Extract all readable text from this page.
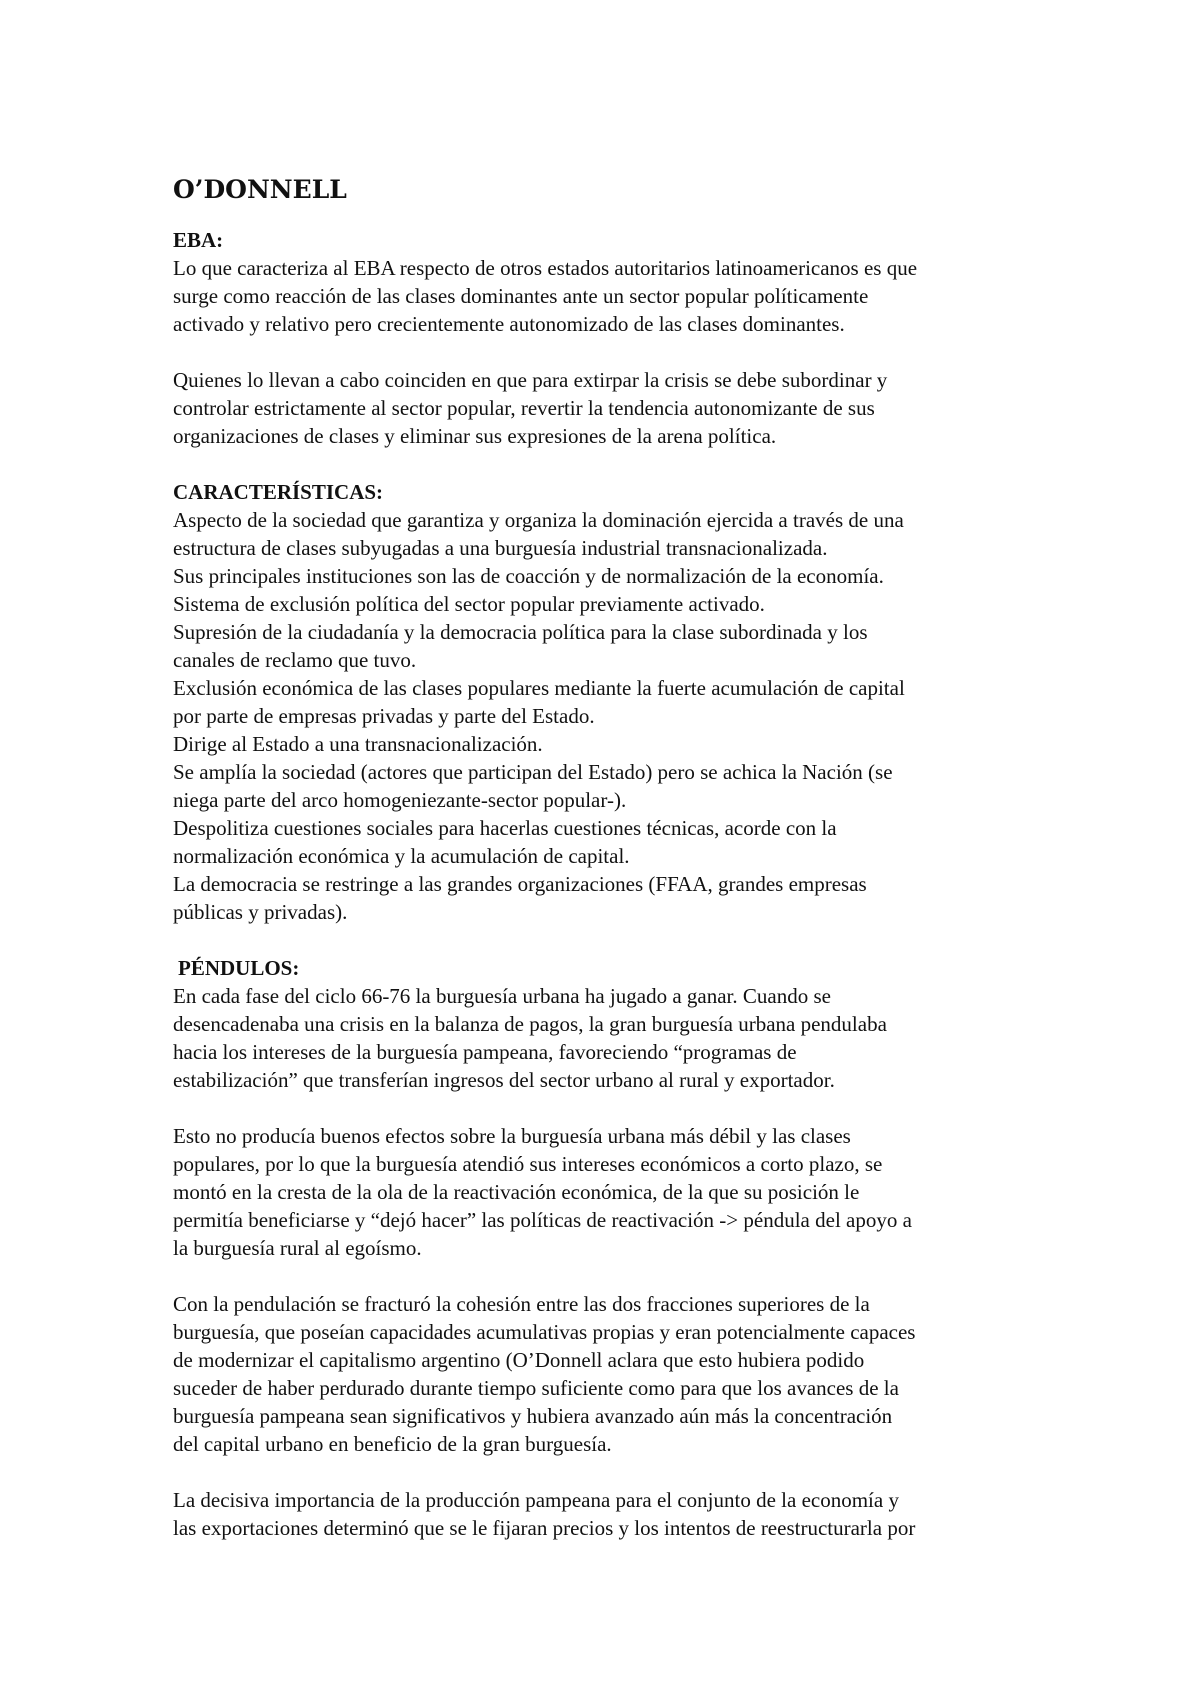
O’DONNELL

EBA:

Lo que caracteriza al EBA respecto de otros estados autoritarios latinoamericanos es que
surge como reacción de las clases dominantes ante un sector popular políticamente
activado y relativo pero crecientemente autonomizado de las clases dominantes.

Quienes lo llevan a cabo coinciden en que para extirpar la crisis se debe subordinar y
controlar estrictamente al sector popular, revertir la tendencia autonomizante de sus
organizaciones de clases y eliminar sus expresiones de la arena política.

CARACTERÍSTICAS:

Aspecto de la sociedad que garantiza y organiza la dominación ejercida a través de una
estructura de clases subyugadas a una burguesía industrial transnacionalizada.
Sus principales instituciones son las de coacción y de normalización de la economía.
Sistema de exclusión política del sector popular previamente activado.
Supresión de la ciudadanía y la democracia política para la clase subordinada y los
canales de reclamo que tuvo.
Exclusión económica de las clases populares mediante la fuerte acumulación de capital
por parte de empresas privadas y parte del Estado.
Dirige al Estado a una transnacionalización.
Se amplía la sociedad (actores que participan del Estado) pero se achica la Nación (se
niega parte del arco homogeniezante-sector popular-).
Despolitiza cuestiones sociales para hacerlas cuestiones técnicas, acorde con la
normalización económica y la acumulación de capital.
La democracia se restringe a las grandes organizaciones (FFAA, grandes empresas
públicas y privadas).

PÉNDULOS:

En cada fase del ciclo 66-76 la burguesía urbana ha jugado a ganar. Cuando se
desencadenaba una crisis en la balanza de pagos, la gran burguesía urbana pendulaba
hacia los intereses de la burguesía pampeana, favoreciendo “programas de
estabilización” que transferían ingresos del sector urbano al rural y exportador.

Esto no producía buenos efectos sobre la burguesía urbana más débil y las clases
populares, por lo que la burguesía atendió sus intereses económicos a corto plazo, se
montó en la cresta de la ola de la reactivación económica, de la que su posición le
permitía beneficiarse y “dejó hacer” las políticas de reactivación -> péndula del apoyo a
la burguesía rural al egoísmo.

Con la pendulación se fracturó la cohesión entre las dos fracciones superiores de la
burguesía, que poseían capacidades acumulativas propias y eran potencialmente capaces
de modernizar el capitalismo argentino (O’Donnell aclara que esto hubiera podido
suceder de haber perdurado durante tiempo suficiente como para que los avances de la
burguesía pampeana sean significativos y hubiera avanzado aún más la concentración
del capital urbano en beneficio de la gran burguesía.

La decisiva importancia de la producción pampeana para el conjunto de la economía y
las exportaciones determinó que se le fijaran precios y los intentos de reestructurarla por
